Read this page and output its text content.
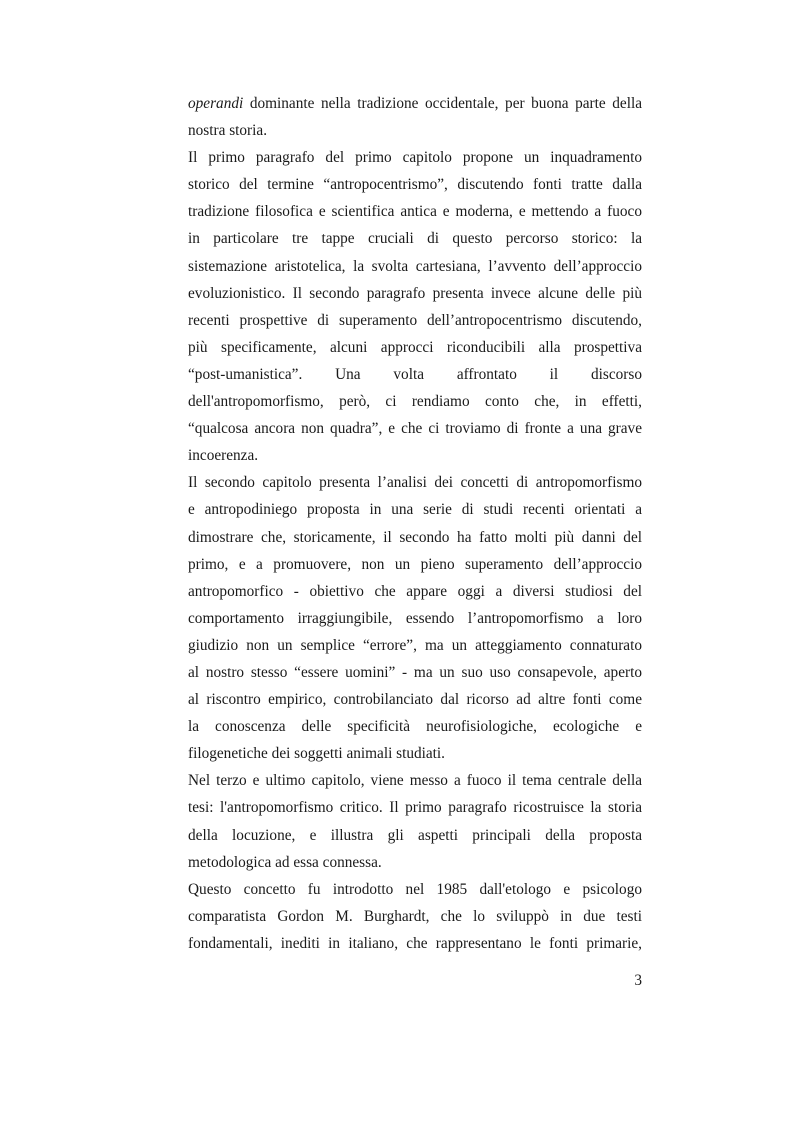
operandi dominante nella tradizione occidentale, per buona parte della
nostra storia.
Il primo paragrafo del primo capitolo propone un inquadramento
storico del termine “antropocentrismo”, discutendo fonti tratte dalla
tradizione filosofica e scientifica antica e moderna, e mettendo a fuoco
in particolare tre tappe cruciali di questo percorso storico: la
sistemazione aristotelica, la svolta cartesiana, l’avvento dell’approccio
evoluzionistico. Il secondo paragrafo presenta invece alcune delle più
recenti prospettive di superamento dell’antropocentrismo discutendo,
più specificamente, alcuni approcci riconducibili alla prospettiva
“post-umanistica”. Una volta affrontato il discorso
dell'antropomorfismo, però, ci rendiamo conto che, in effetti,
“qualcosa ancora non quadra”, e che ci troviamo di fronte a una grave
incoerenza.
Il secondo capitolo presenta l’analisi dei concetti di antropomorfismo
e antropodiniego proposta in una serie di studi recenti orientati a
dimostrare che, storicamente, il secondo ha fatto molti più danni del
primo, e a promuovere, non un pieno superamento dell’approccio
antropomorfico - obiettivo che appare oggi a diversi studiosi del
comportamento irraggiungibile, essendo l’antropomorfismo a loro
giudizio non un semplice “errore”, ma un atteggiamento connaturato
al nostro stesso “essere uomini” - ma un suo uso consapevole, aperto
al riscontro empirico, controbilanciato dal ricorso ad altre fonti come
la conoscenza delle specificità neurofisiologiche, ecologiche e
filogenetiche dei soggetti animali studiati.
Nel terzo e ultimo capitolo, viene messo a fuoco il tema centrale della
tesi: l'antropomorfismo critico. Il primo paragrafo ricostruisce la storia
della locuzione, e illustra gli aspetti principali della proposta
metodologica ad essa connessa.
Questo concetto fu introdotto nel 1985 dall'etologo e psicologo
comparatista Gordon M. Burghardt, che lo sviluppò in due testi
fondamentali, inediti in italiano, che rappresentano le fonti primarie,
3
